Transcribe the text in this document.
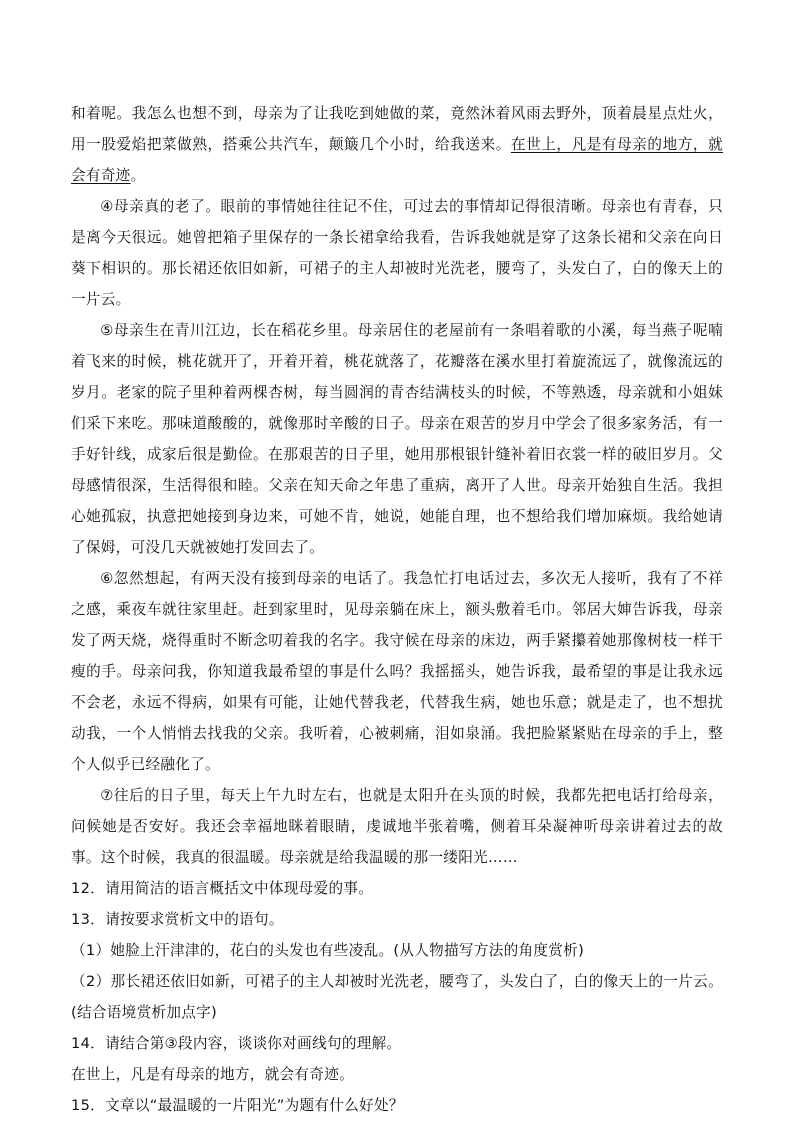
和着呢。我怎么也想不到，母亲为了让我吃到她做的菜，竟然沐着风雨去野外，顶着晨星点灶火，用一股爱焰把菜做熟，搭乘公共汽车，颠簸几个小时，给我送来。在世上，凡是有母亲的地方，就会有奇迹。

④母亲真的老了。眼前的事情她往往记不住，可过去的事情却记得很清晰。母亲也有青春，只是离今天很远。她曾把箱子里保存的一条长裙拿给我看，告诉我她就是穿了这条长裙和父亲在向日葵下相识的。那长裙还依旧如新，可裙子的主人却被时光洗老，腰弯了，头发白了，白的像天上的一片云。

⑤母亲生在青川江边，长在稻花乡里。母亲居住的老屋前有一条唱着歌的小溪，每当燕子呢喃着飞来的时候，桃花就开了，开着开着，桃花就落了，花瓣落在溪水里打着旋流远了，就像流远的岁月。老家的院子里种着两棵杏树，每当圆润的青杏结满枝头的时候，不等熟透，母亲就和小姐妹们采下来吃。那味道酸酸的，就像那时辛酸的日子。母亲在艰苦的岁月中学会了很多家务活，有一手好针线，成家后很是勤俭。在那艰苦的日子里，她用那根银针缝补着旧衣裳一样的破旧岁月。父母感情很深，生活得很和睦。父亲在知天命之年患了重病，离开了人世。母亲开始独自生活。我担心她孤寂，执意把她接到身边来，可她不肯，她说，她能自理，也不想给我们增加麻烦。我给她请了保姆，可没几天就被她打发回去了。

⑥忽然想起，有两天没有接到母亲的电话了。我急忙打电话过去，多次无人接听，我有了不祥之感，乘夜车就往家里赶。赶到家里时，见母亲躺在床上，额头敷着毛巾。邻居大婶告诉我，母亲发了两天烧，烧得重时不断念叨着我的名字。我守候在母亲的床边，两手紧攥着她那像树枝一样干瘦的手。母亲问我，你知道我最希望的事是什么吗？我摇摇头，她告诉我，最希望的事是让我永远不会老，永远不得病，如果有可能，让她代替我老，代替我生病，她也乐意；就是走了，也不想扰动我，一个人悄悄去找我的父亲。我听着，心被刺痛，泪如泉涌。我把脸紧紧贴在母亲的手上，整个人似乎已经融化了。

⑦往后的日子里，每天上午九时左右，也就是太阳升在头顶的时候，我都先把电话打给母亲，问候她是否安好。我还会幸福地眯着眼睛，虔诚地半张着嘴，侧着耳朵凝神听母亲讲着过去的故事。这个时候，我真的很温暖。母亲就是给我温暖的那一缕阳光……

12．请用简洁的语言概括文中体现母爱的事。

13．请按要求赏析文中的语句。

（1）她脸上汗津津的，花白的头发也有些凌乱。(从人物描写方法的角度赏析)

（2）那长裙还依旧如新，可裙子的主人却被时光洗老，腰弯了，头发白了，白的像天上的一片云。(结合语境赏析加点字)

14．请结合第③段内容，谈谈你对画线句的理解。

在世上，凡是有母亲的地方，就会有奇迹。

15．文章以“最温暖的一片阳光”为题有什么好处？
